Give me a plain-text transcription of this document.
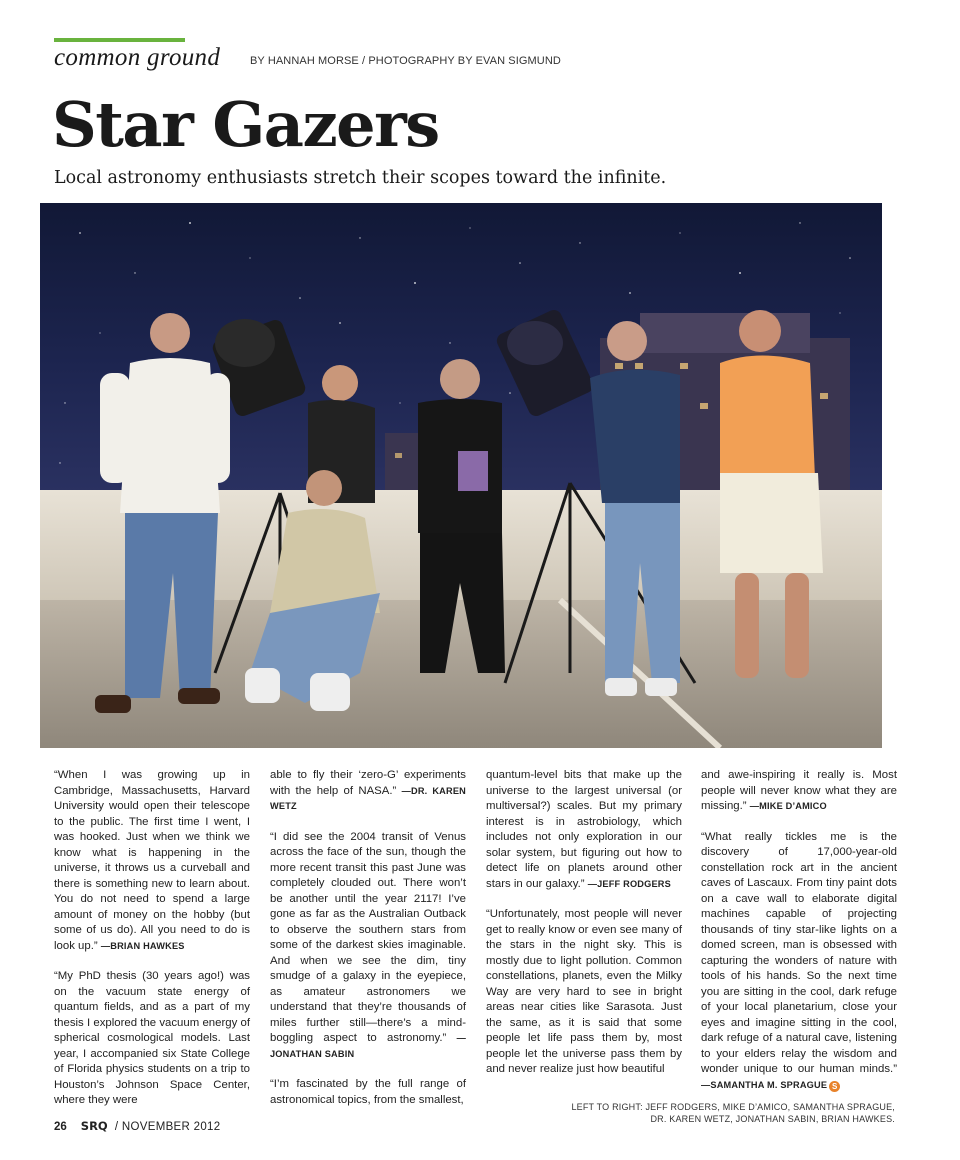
common ground	BY HANNAH MORSE / PHOTOGRAPHY BY EVAN SIGMUND
Star Gazers
Local astronomy enthusiasts stretch their scopes toward the infinite.

“When I was growing up in Cambridge, Massachusetts, Harvard University would open their telescope to the public. The first time I went, I was hooked. Just when we think we know what is happening in the universe, it throws us a curveball and there is something new to learn about. You do not need to spend a large amount of money on the hobby (but some of us do). All you need to do is look up.” —BRIAN HAWKES

“My PhD thesis (30 years ago!) was on the vacuum state energy of quantum fields, and as a part of my thesis I explored the vacuum energy of spherical cosmological models. Last year, I accompanied six State College of Florida physics students on a trip to Houston’s Johnson Space Center, where they were

able to fly their ‘zero-G’ experiments with the help of NASA.” —DR. KAREN WETZ

“I did see the 2004 transit of Venus across the face of the sun, though the more recent transit this past June was completely clouded out. There won’t be another until the year 2117! I’ve gone as far as the Australian Outback to observe the southern stars from some of the darkest skies imaginable. And when we see the dim, tiny smudge of a galaxy in the eyepiece, as amateur astronomers we understand that they’re thousands of miles further still—there’s a mind-boggling aspect to astronomy.” —JONATHAN SABIN

“I’m fascinated by the full range of astronomical topics, from the smallest,

quantum-level bits that make up the universe to the largest universal (or multiversal?) scales. But my primary interest is in astrobiology, which includes not only exploration in our solar system, but figuring out how to detect life on planets around other stars in our galaxy.” —JEFF RODGERS

“Unfortunately, most people will never get to really know or even see many of the stars in the night sky. This is mostly due to light pollution. Common constellations, planets, even the Milky Way are very hard to see in bright areas near cities like Sarasota. Just the same, as it is said that some people let life pass them by, most people let the universe pass them by and never realize just how beautiful

and awe-inspiring it really is. Most people will never know what they are missing.” —MIKE D’AMICO

“What really tickles me is the discovery of 17,000-year-old constellation rock art in the ancient caves of Lascaux. From tiny paint dots on a cave wall to elaborate digital machines capable of projecting thousands of tiny star-like lights on a domed screen, man is obsessed with capturing the wonders of nature with tools of his hands. So the next time you are sitting in the cool, dark refuge of your local planetarium, close your eyes and imagine sitting in the cool, dark refuge of a natural cave, listening to your elders relay the wisdom and wonder unique to our human minds.” —SAMANTHA M. SPRAGUE S

LEFT TO RIGHT: JEFF RODGERS, MIKE D’AMICO, SAMANTHA SPRAGUE,
DR. KAREN WETZ, JONATHAN SABIN, BRIAN HAWKES.
26 SRQ / NOVEMBER 2012
